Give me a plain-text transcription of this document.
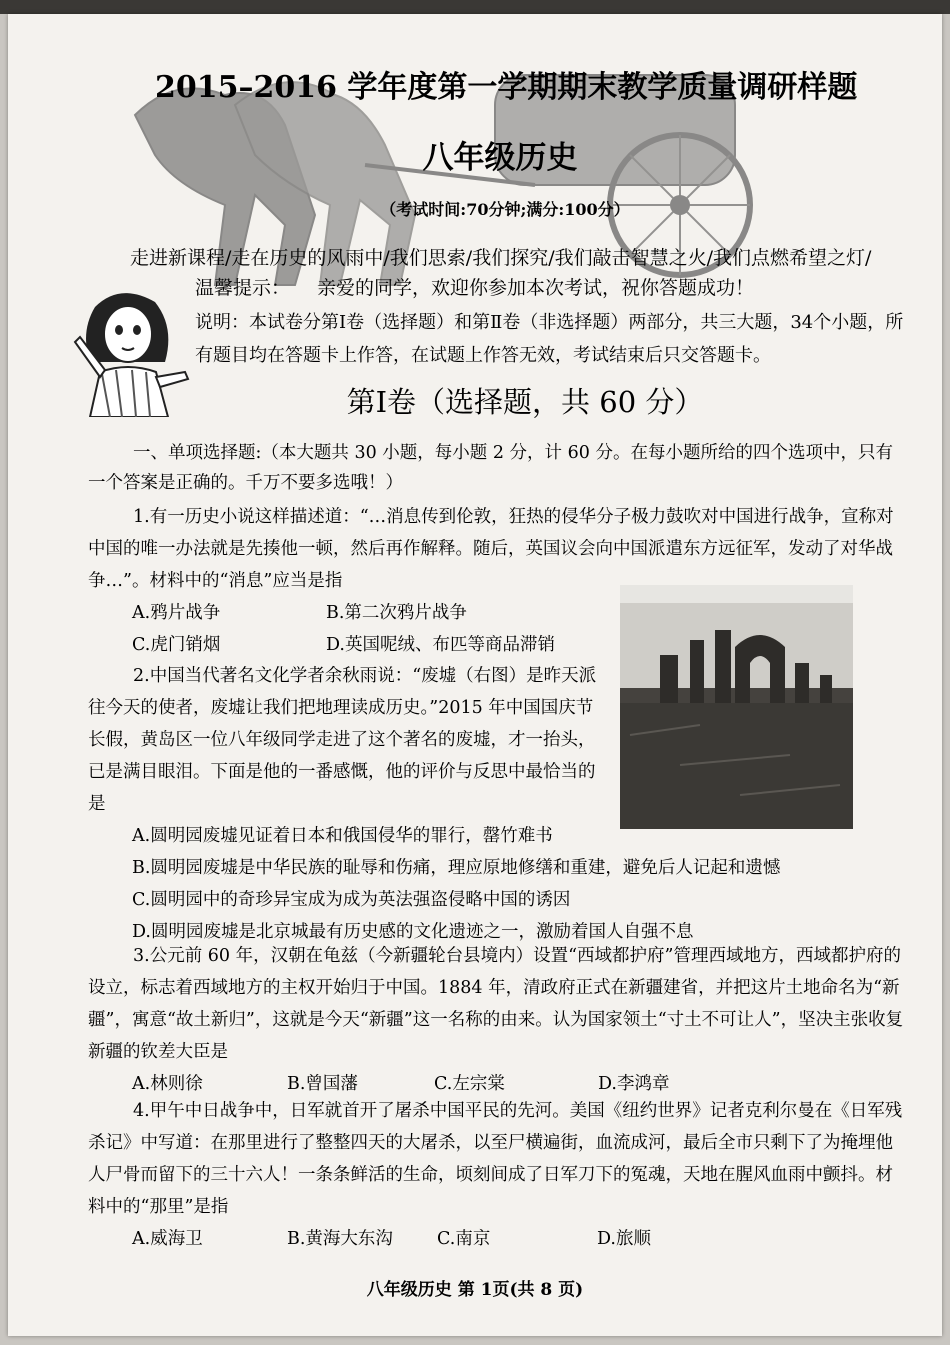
2015–2016 学年度第一学期期末教学质量调研样题
八年级历史
（考试时间:70分钟;满分:100分）
走进新课程/走在历史的风雨中/我们思索/我们探究/我们敲击智慧之火/我们点燃希望之灯/
温馨提示： 亲爱的同学，欢迎你参加本次考试，祝你答题成功！
说明：本试卷分第Ⅰ卷（选择题）和第Ⅱ卷（非选择题）两部分，共三大题，34个小题，所有题目均在答题卡上作答，在试题上作答无效，考试结束后只交答题卡。
第Ⅰ卷（选择题，共 60 分）
一、单项选择题:（本大题共 30 小题，每小题 2 分，计 60 分。在每小题所给的四个选项中，只有一个答案是正确的。千万不要多选哦！）
1.有一历史小说这样描述道：“…消息传到伦敦，狂热的侵华分子极力鼓吹对中国进行战争，宣称对中国的唯一办法就是先揍他一顿，然后再作解释。随后，英国议会向中国派遣东方远征军，发动了对华战争…”。材料中的“消息”应当是指
A.鸦片战争	B.第二次鸦片战争
C.虎门销烟	D.英国呢绒、布匹等商品滞销
2.中国当代著名文化学者余秋雨说：“废墟（右图）是昨天派往今天的使者，废墟让我们把地理读成历史。”2015 年中国国庆节长假，黄岛区一位八年级同学走进了这个著名的废墟，才一抬头，已是满目眼泪。下面是他的一番感慨，他的评价与反思中最恰当的是
A.圆明园废墟见证着日本和俄国侵华的罪行，罄竹难书
B.圆明园废墟是中华民族的耻辱和伤痛，理应原地修缮和重建，避免后人记起和遗憾
C.圆明园中的奇珍异宝成为成为英法强盗侵略中国的诱因
D.圆明园废墟是北京城最有历史感的文化遗迹之一，激励着国人自强不息
3.公元前 60 年，汉朝在龟兹（今新疆轮台县境内）设置“西域都护府”管理西域地方，西域都护府的设立，标志着西域地方的主权开始归于中国。1884 年，清政府正式在新疆建省，并把这片土地命名为“新疆”，寓意“故土新归”，这就是今天“新疆”这一名称的由来。认为国家领土“寸土不可让人”，坚决主张收复新疆的钦差大臣是
A.林则徐	B.曾国藩	C.左宗棠	D.李鸿章
4.甲午中日战争中，日军就首开了屠杀中国平民的先河。美国《纽约世界》记者克利尔曼在《日军残杀记》中写道：在那里进行了整整四天的大屠杀，以至尸横遍街，血流成河，最后全市只剩下了为掩埋他人尸骨而留下的三十六人！一条条鲜活的生命，顷刻间成了日军刀下的冤魂，天地在腥风血雨中颤抖。材料中的“那里”是指
A.威海卫	B.黄海大东沟	C.南京	D.旅顺
八年级历史 第 1页(共 8 页)
